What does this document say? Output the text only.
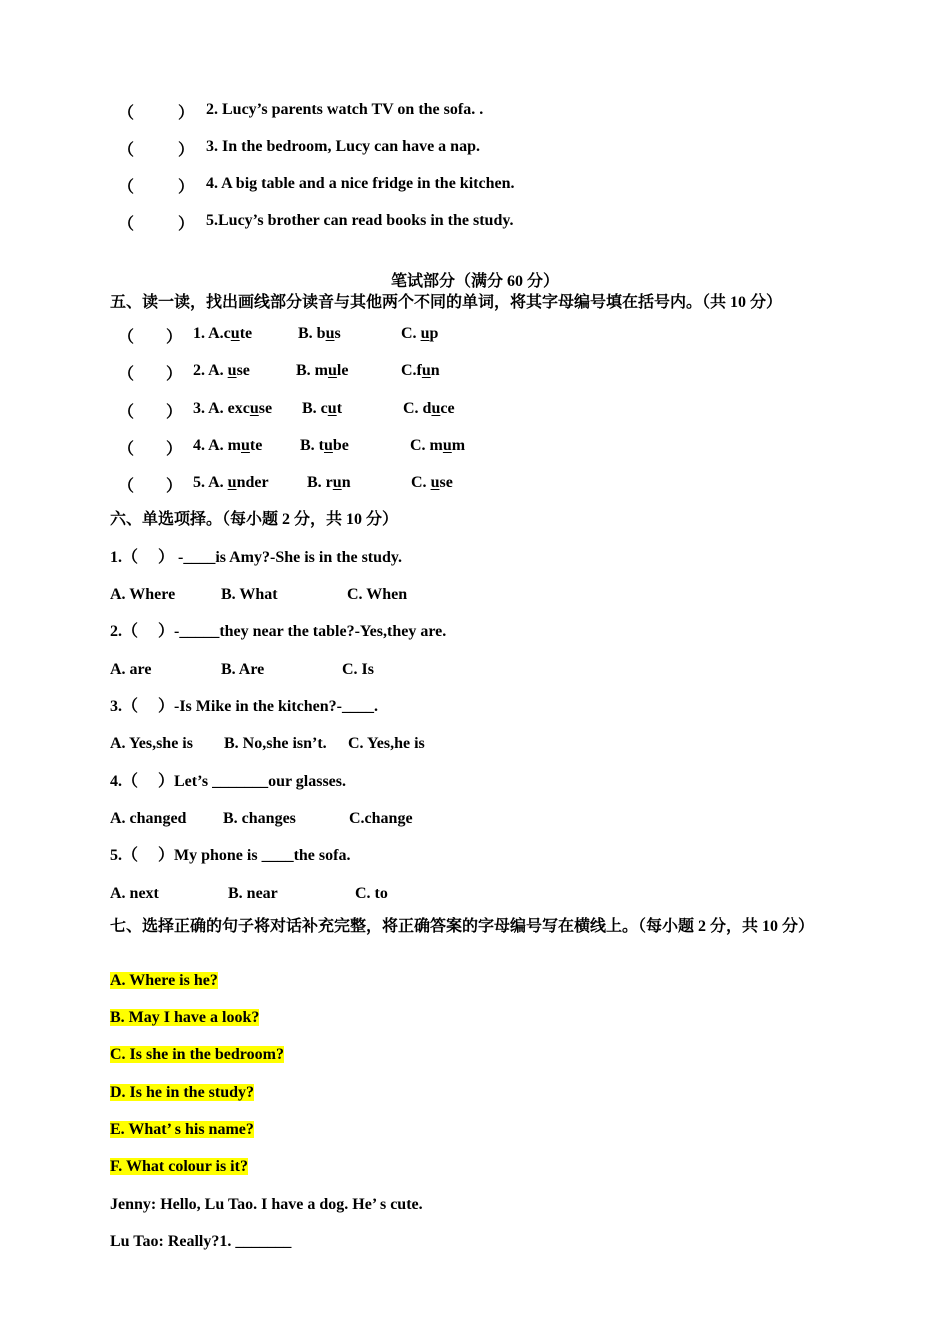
（	） 2. Lucy’s parents watch TV on the sofa. .
（	） 3. In the bedroom, Lucy can have a nap.
（	） 4. A big table and a nice fridge in the kitchen.
（	） 5.Lucy’s brother can read books in the study.
笔试部分（满分 60 分）
五、读一读，找出画线部分读音与其他两个不同的单词，将其字母编号填在括号内。（共 10 分）
（ ） 1. A.cute	B. bus	C. up
（ ） 2. A. use	B. mule	C.fun
（ ） 3. A. excuse B. cut	C. duce
（ ） 4. A. mute B. tube	C. mum
（ ） 5. A. under B. run	C. use
六、单选项择。（每小题 2 分，共 10 分）
1.（　 ） -____is Amy?-She is in the study.
A. Where	B. What	C. When
2.（　 ）-_____they near the table?-Yes,they are.
A. are	B. Are	C. Is
3.（　 ）-Is Mike in the kitchen?-____.
A. Yes,she is B. No,she isn’t. C. Yes,he is
4.（　 ）Let’s _______our glasses.
A. changed B. changes	C.change
5.（　 ）My phone is ____the sofa.
A. next	B. near	C. to
七、选择正确的句子将对话补充完整，将正确答案的字母编号写在横线上。（每小题 2 分，共 10 分）
A. Where is he?
B. May I have a look?
C. Is she in the bedroom?
D. Is he in the study?
E. What’ s his name?
F. What colour is it?
Jenny: Hello, Lu Tao. I have a dog. He’ s cute.
Lu Tao: Really?1. _______
